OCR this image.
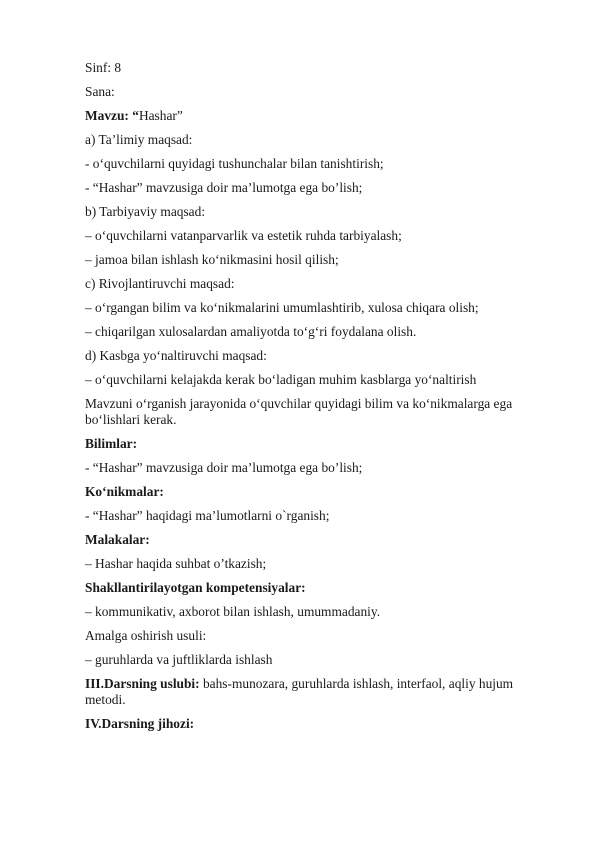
Sinf: 8

Sana:

Mavzu: “Hashar”

a) Ta’limiy maqsad:

- o‘quvchilarni quyidagi tushunchalar bilan tanishtirish;

- “Hashar” mavzusiga doir ma’lumotga ega bo’lish;

b) Tarbiyaviy maqsad:

– o‘quvchilarni vatanparvarlik va estetik ruhda tarbiyalash;

– jamoa bilan ishlash ko‘nikmasini hosil qilish;

c) Rivojlantiruvchi maqsad:

– o‘rgangan bilim va ko‘nikmalarini umumlashtirib, xulosa chiqara olish;

– chiqarilgan xulosalardan amaliyotda to‘g‘ri foydalana olish.

d) Kasbga yo‘naltiruvchi maqsad:

– o‘quvchilarni kelajakda kerak bo‘ladigan muhim kasblarga yo‘naltirish

Mavzuni o‘rganish jarayonida o‘quvchilar quyidagi bilim va ko‘nikmalarga ega bo‘lishlari kerak.

Bilimlar:

- “Hashar” mavzusiga doir ma’lumotga ega bo’lish;

Ko‘nikmalar:

- “Hashar” haqidagi ma’lumotlarni o`rganish;

Malakalar:

– Hashar haqida suhbat o’tkazish;

Shakllantirilayotgan kompetensiyalar:

– kommunikativ, axborot bilan ishlash, umummadaniy.

Amalga oshirish usuli:

– guruhlarda va juftliklarda ishlash

III.Darsning uslubi: bahs-munozara, guruhlarda ishlash, interfaol, aqliy hujum metodi.

IV.Darsning jihozi:
